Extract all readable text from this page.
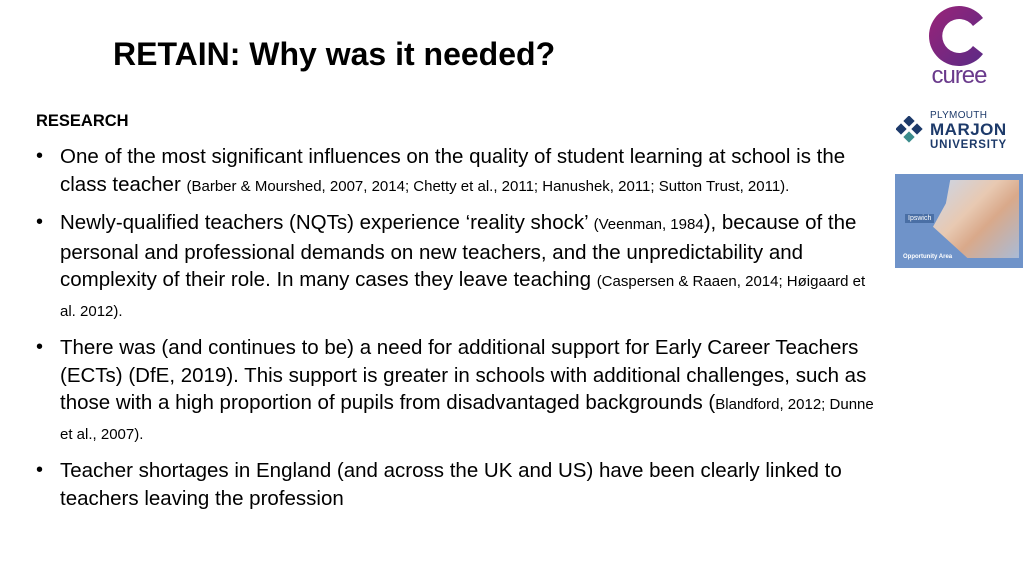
RETAIN: Why was it needed?
RESEARCH
• One of the most significant influences on the quality of student learning at school is the class teacher (Barber & Mourshed, 2007, 2014; Chetty et al., 2011; Hanushek, 2011; Sutton Trust, 2011).
• Newly-qualified teachers (NQTs) experience ‘reality shock’ (Veenman, 1984), because of the personal and professional demands on new teachers, and the unpredictability and complexity of their role. In many cases they leave teaching (Caspersen & Raaen, 2014; Høigaard et al. 2012).
• There was (and continues to be) a need for additional support for Early Career Teachers (ECTs) (DfE, 2019). This support is greater in schools with additional challenges, such as those with a high proportion of pupils from disadvantaged backgrounds (Blandford, 2012; Dunne et al., 2007).
• Teacher shortages in England (and across the UK and US) have been clearly linked to teachers leaving the profession
curee
PLYMOUTH
MARJON
UNIVERSITY
Ipswich
Opportunity Area
